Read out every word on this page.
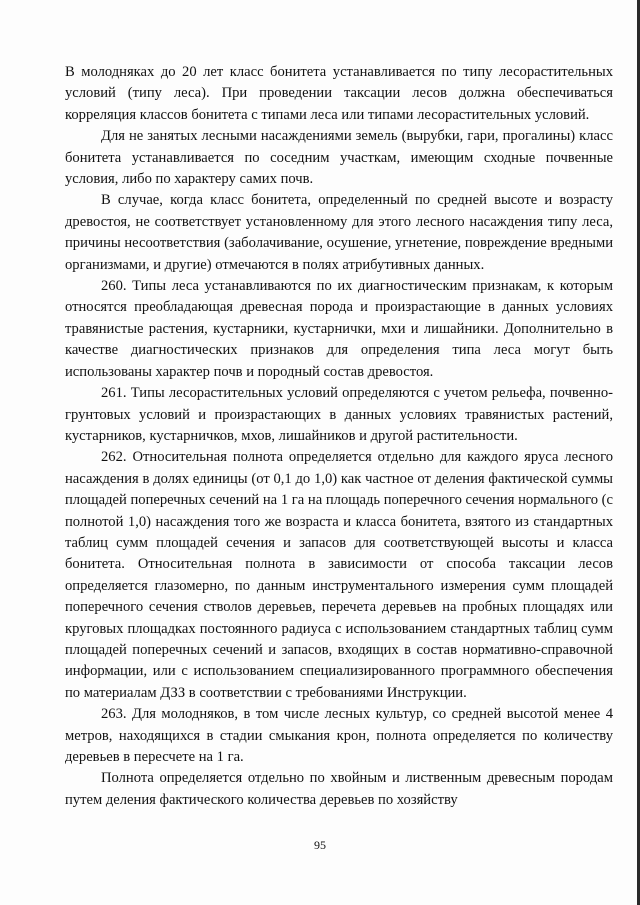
В молодняках до 20 лет класс бонитета устанавливается по типу лесорастительных условий (типу леса). При проведении таксации лесов должна обеспечиваться корреляция классов бонитета с типами леса или типами лесорастительных условий.

Для не занятых лесными насаждениями земель (вырубки, гари, прогалины) класс бонитета устанавливается по соседним участкам, имеющим сходные почвенные условия, либо по характеру самих почв.

В случае, когда класс бонитета, определенный по средней высоте и возрасту древостоя, не соответствует установленному для этого лесного насаждения типу леса, причины несоответствия (заболачивание, осушение, угнетение, повреждение вредными организмами, и другие) отмечаются в полях атрибутивных данных.

260. Типы леса устанавливаются по их диагностическим признакам, к которым относятся преобладающая древесная порода и произрастающие в данных условиях травянистые растения, кустарники, кустарнички, мхи и лишайники. Дополнительно в качестве диагностических признаков для определения типа леса могут быть использованы характер почв и породный состав древостоя.

261. Типы лесорастительных условий определяются с учетом рельефа, почвенно-грунтовых условий и произрастающих в данных условиях травянистых растений, кустарников, кустарничков, мхов, лишайников и другой растительности.

262. Относительная полнота определяется отдельно для каждого яруса лесного насаждения в долях единицы (от 0,1 до 1,0) как частное от деления фактической суммы площадей поперечных сечений на 1 га на площадь поперечного сечения нормального (с полнотой 1,0) насаждения того же возраста и класса бонитета, взятого из стандартных таблиц сумм площадей сечения и запасов для соответствующей высоты и класса бонитета. Относительная полнота в зависимости от способа таксации лесов определяется глазомерно, по данным инструментального измерения сумм площадей поперечного сечения стволов деревьев, перечета деревьев на пробных площадях или круговых площадках постоянного радиуса с использованием стандартных таблиц сумм площадей поперечных сечений и запасов, входящих в состав нормативно-справочной информации, или с использованием специализированного программного обеспечения по материалам ДЗЗ в соответствии с требованиями Инструкции.

263. Для молодняков, в том числе лесных культур, со средней высотой менее 4 метров, находящихся в стадии смыкания крон, полнота определяется по количеству деревьев в пересчете на 1 га.

Полнота определяется отдельно по хвойным и лиственным древесным породам путем деления фактического количества деревьев по хозяйству

95
